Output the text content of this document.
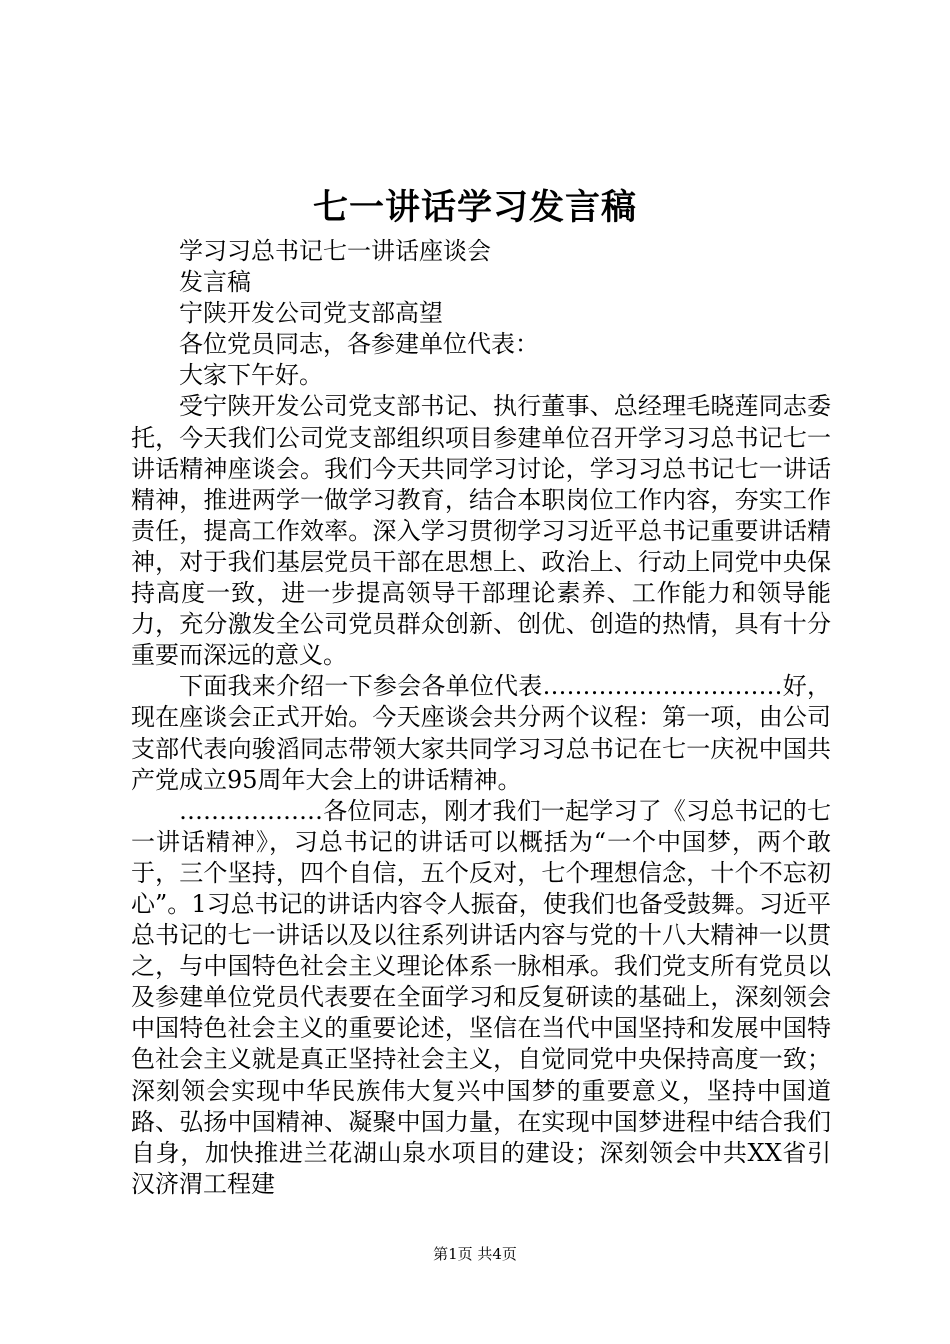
七一讲话学习发言稿

学习习总书记七一讲话座谈会

发言稿

宁陕开发公司党支部高望

各位党员同志，各参建单位代表：

大家下午好。

受宁陕开发公司党支部书记、执行董事、总经理毛晓莲同志委托，今天我们公司党支部组织项目参建单位召开学习习总书记七一讲话精神座谈会。我们今天共同学习讨论，学习习总书记七一讲话精神，推进两学一做学习教育，结合本职岗位工作内容，夯实工作责任，提高工作效率。深入学习贯彻学习习近平总书记重要讲话精神，对于我们基层党员干部在思想上、政治上、行动上同党中央保持高度一致，进一步提高领导干部理论素养、工作能力和领导能力，充分激发全公司党员群众创新、创优、创造的热情，具有十分重要而深远的意义。

下面我来介绍一下参会各单位代表…………………………好，现在座谈会正式开始。今天座谈会共分两个议程：第一项，由公司支部代表向骏滔同志带领大家共同学习习总书记在七一庆祝中国共产党成立95周年大会上的讲话精神。

………………各位同志，刚才我们一起学习了《习总书记的七一讲话精神》，习总书记的讲话可以概括为“一个中国梦，两个敢于，三个坚持，四个自信，五个反对，七个理想信念，十个不忘初心”。1习总书记的讲话内容令人振奋，使我们也备受鼓舞。习近平总书记的七一讲话以及以往系列讲话内容与党的十八大精神一以贯之，与中国特色社会主义理论体系一脉相承。我们党支所有党员以及参建单位党员代表要在全面学习和反复研读的基础上，深刻领会中国特色社会主义的重要论述，坚信在当代中国坚持和发展中国特色社会主义就是真正坚持社会主义，自觉同党中央保持高度一致；深刻领会实现中华民族伟大复兴中国梦的重要意义，坚持中国道路、弘扬中国精神、凝聚中国力量，在实现中国梦进程中结合我们自身，加快推进兰花湖山泉水项目的建设；深刻领会中共XX省引汉济渭工程建

第1页 共4页
